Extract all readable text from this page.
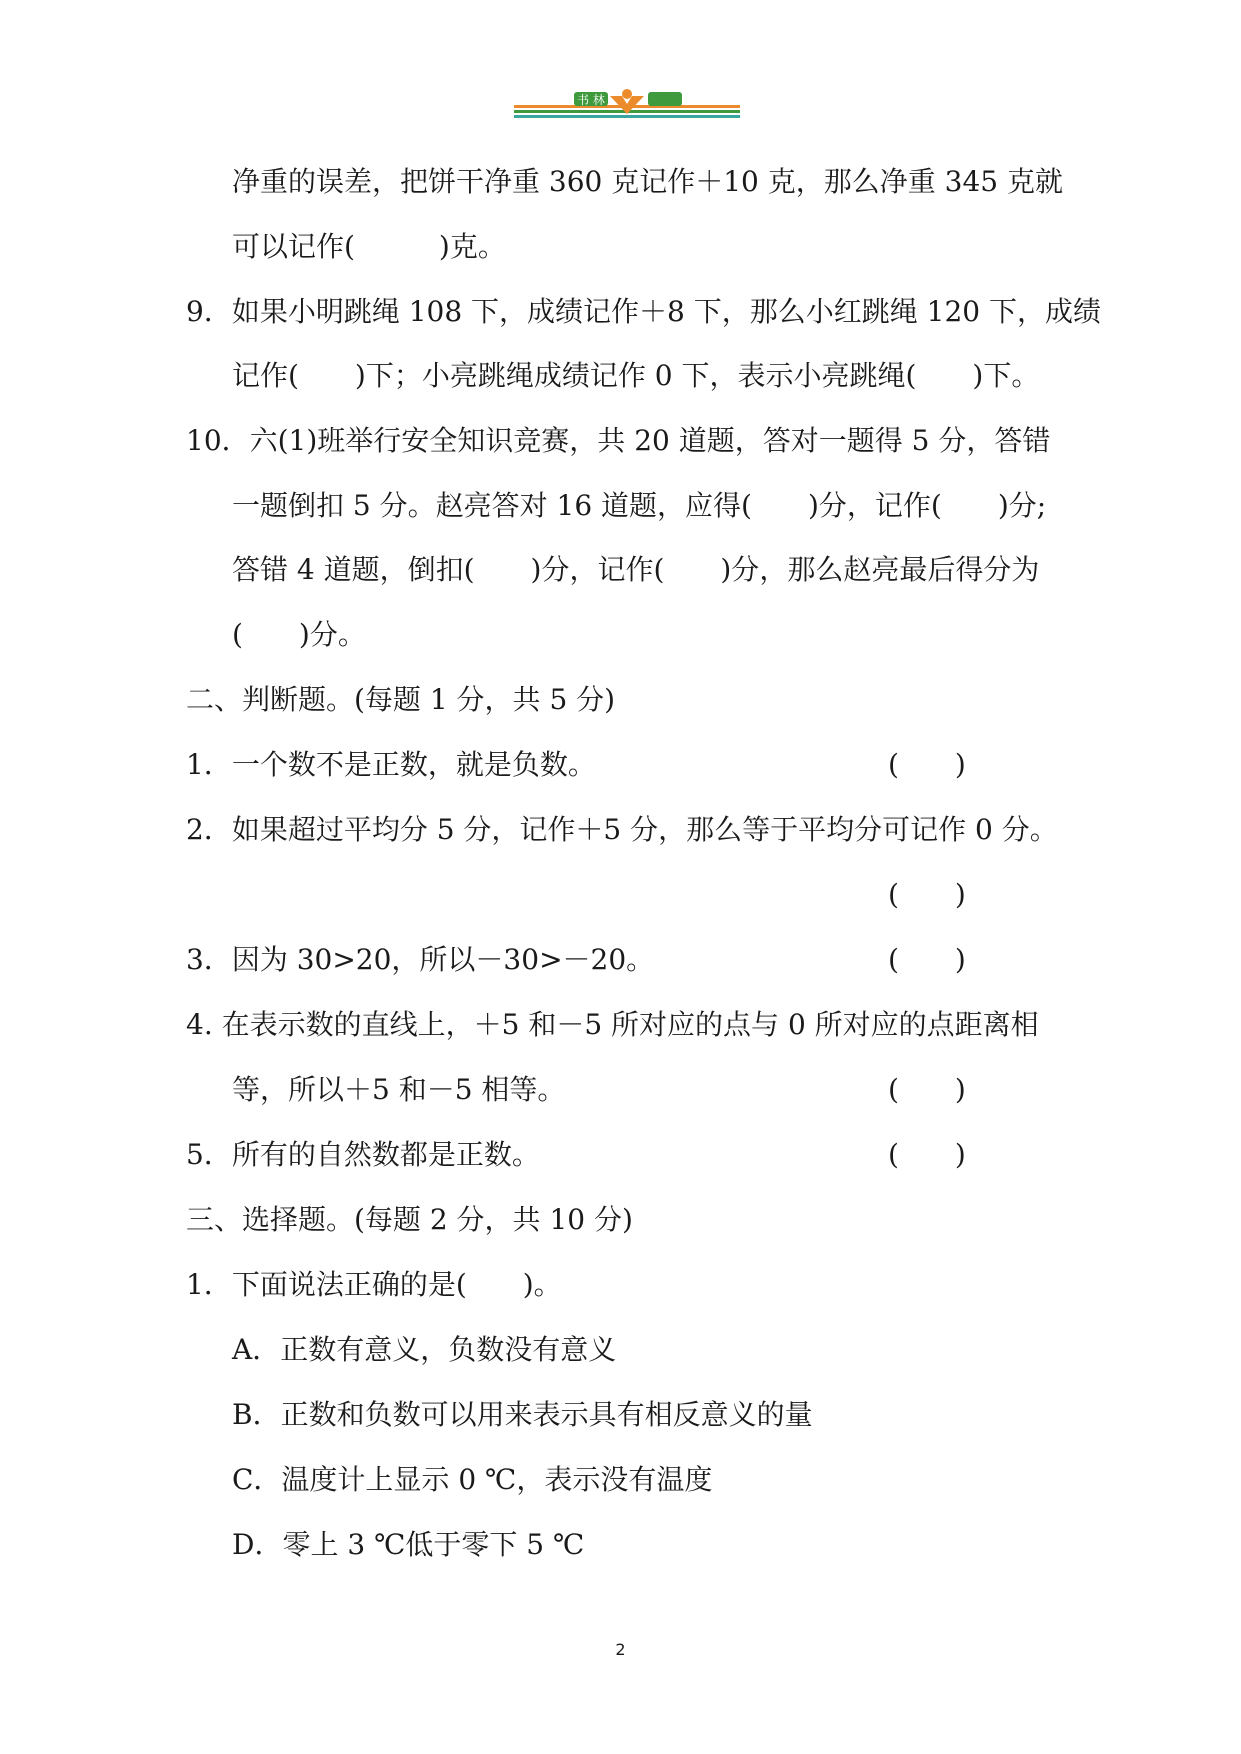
书 林
净重的误差，把饼干净重 360 克记作＋10 克，那么净重 345 克就
可以记作(　　　)克。
9．如果小明跳绳 108 下，成绩记作＋8 下，那么小红跳绳 120 下，成绩
记作(　　)下；小亮跳绳成绩记作 0 下，表示小亮跳绳(　　)下。
10．六(1)班举行安全知识竞赛，共 20 道题，答对一题得 5 分，答错
一题倒扣 5 分。赵亮答对 16 道题，应得(　　)分，记作(　　)分;
答错 4 道题，倒扣(　　)分，记作(　　)分，那么赵亮最后得分为
(　　)分。
二、判断题。(每题 1 分，共 5 分)
1．一个数不是正数，就是负数。	(　　)
2．如果超过平均分 5 分，记作＋5 分，那么等于平均分可记作 0 分。
(　　)
3．因为 30>20，所以－30>－20。	(　　)
4. 在表示数的直线上，＋5 和－5 所对应的点与 0 所对应的点距离相
等，所以＋5 和－5 相等。	(　　)
5．所有的自然数都是正数。	(　　)
三、选择题。(每题 2 分，共 10 分)
1．下面说法正确的是(　　)。
A．正数有意义，负数没有意义
B．正数和负数可以用来表示具有相反意义的量
C．温度计上显示 0 ℃，表示没有温度
D．零上 3 ℃低于零下 5 ℃
2
